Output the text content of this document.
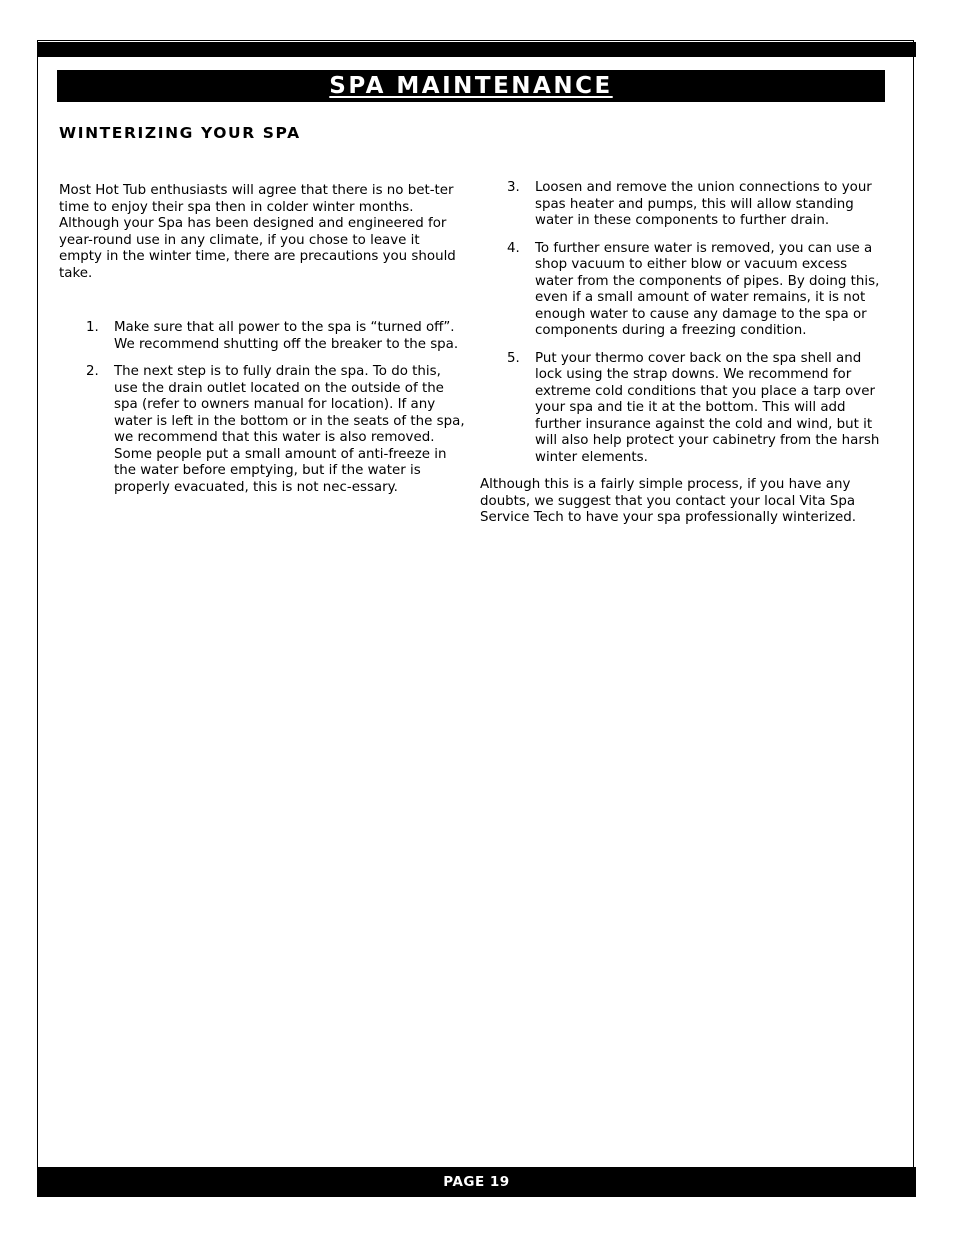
SPA MAINTENANCE
WINTERIZING YOUR SPA

Most Hot Tub enthusiasts will agree that there is no bet-ter time to enjoy their spa then in colder winter months. Although your Spa has been designed and engineered for year-round use in any climate, if you chose to leave it empty in the winter time, there are precautions you should take.

1. Make sure that all power to the spa is “turned off”. We recommend shutting off the breaker to the spa.
2. The next step is to fully drain the spa. To do this, use the drain outlet located on the outside of the spa (refer to owners manual for location). If any water is left in the bottom or in the seats of the spa, we recommend that this water is also removed. Some people put a small amount of anti-freeze in the water before emptying, but if the water is properly evacuated, this is not nec-essary.
3. Loosen and remove the union connections to your spas heater and pumps, this will allow standing water in these components to further drain.
4. To further ensure water is removed, you can use a shop vacuum to either blow or vacuum excess water from the components of pipes. By doing this, even if a small amount of water remains, it is not enough water to cause any damage to the spa or components during a freezing condition.
5. Put your thermo cover back on the spa shell and lock using the strap downs. We recommend for extreme cold conditions that you place a tarp over your spa and tie it at the bottom. This will add further insurance against the cold and wind, but it will also help protect your cabinetry from the harsh winter elements.

Although this is a fairly simple process, if you have any doubts, we suggest that you contact your local Vita Spa Service Tech to have your spa professionally winterized.

PAGE 19
